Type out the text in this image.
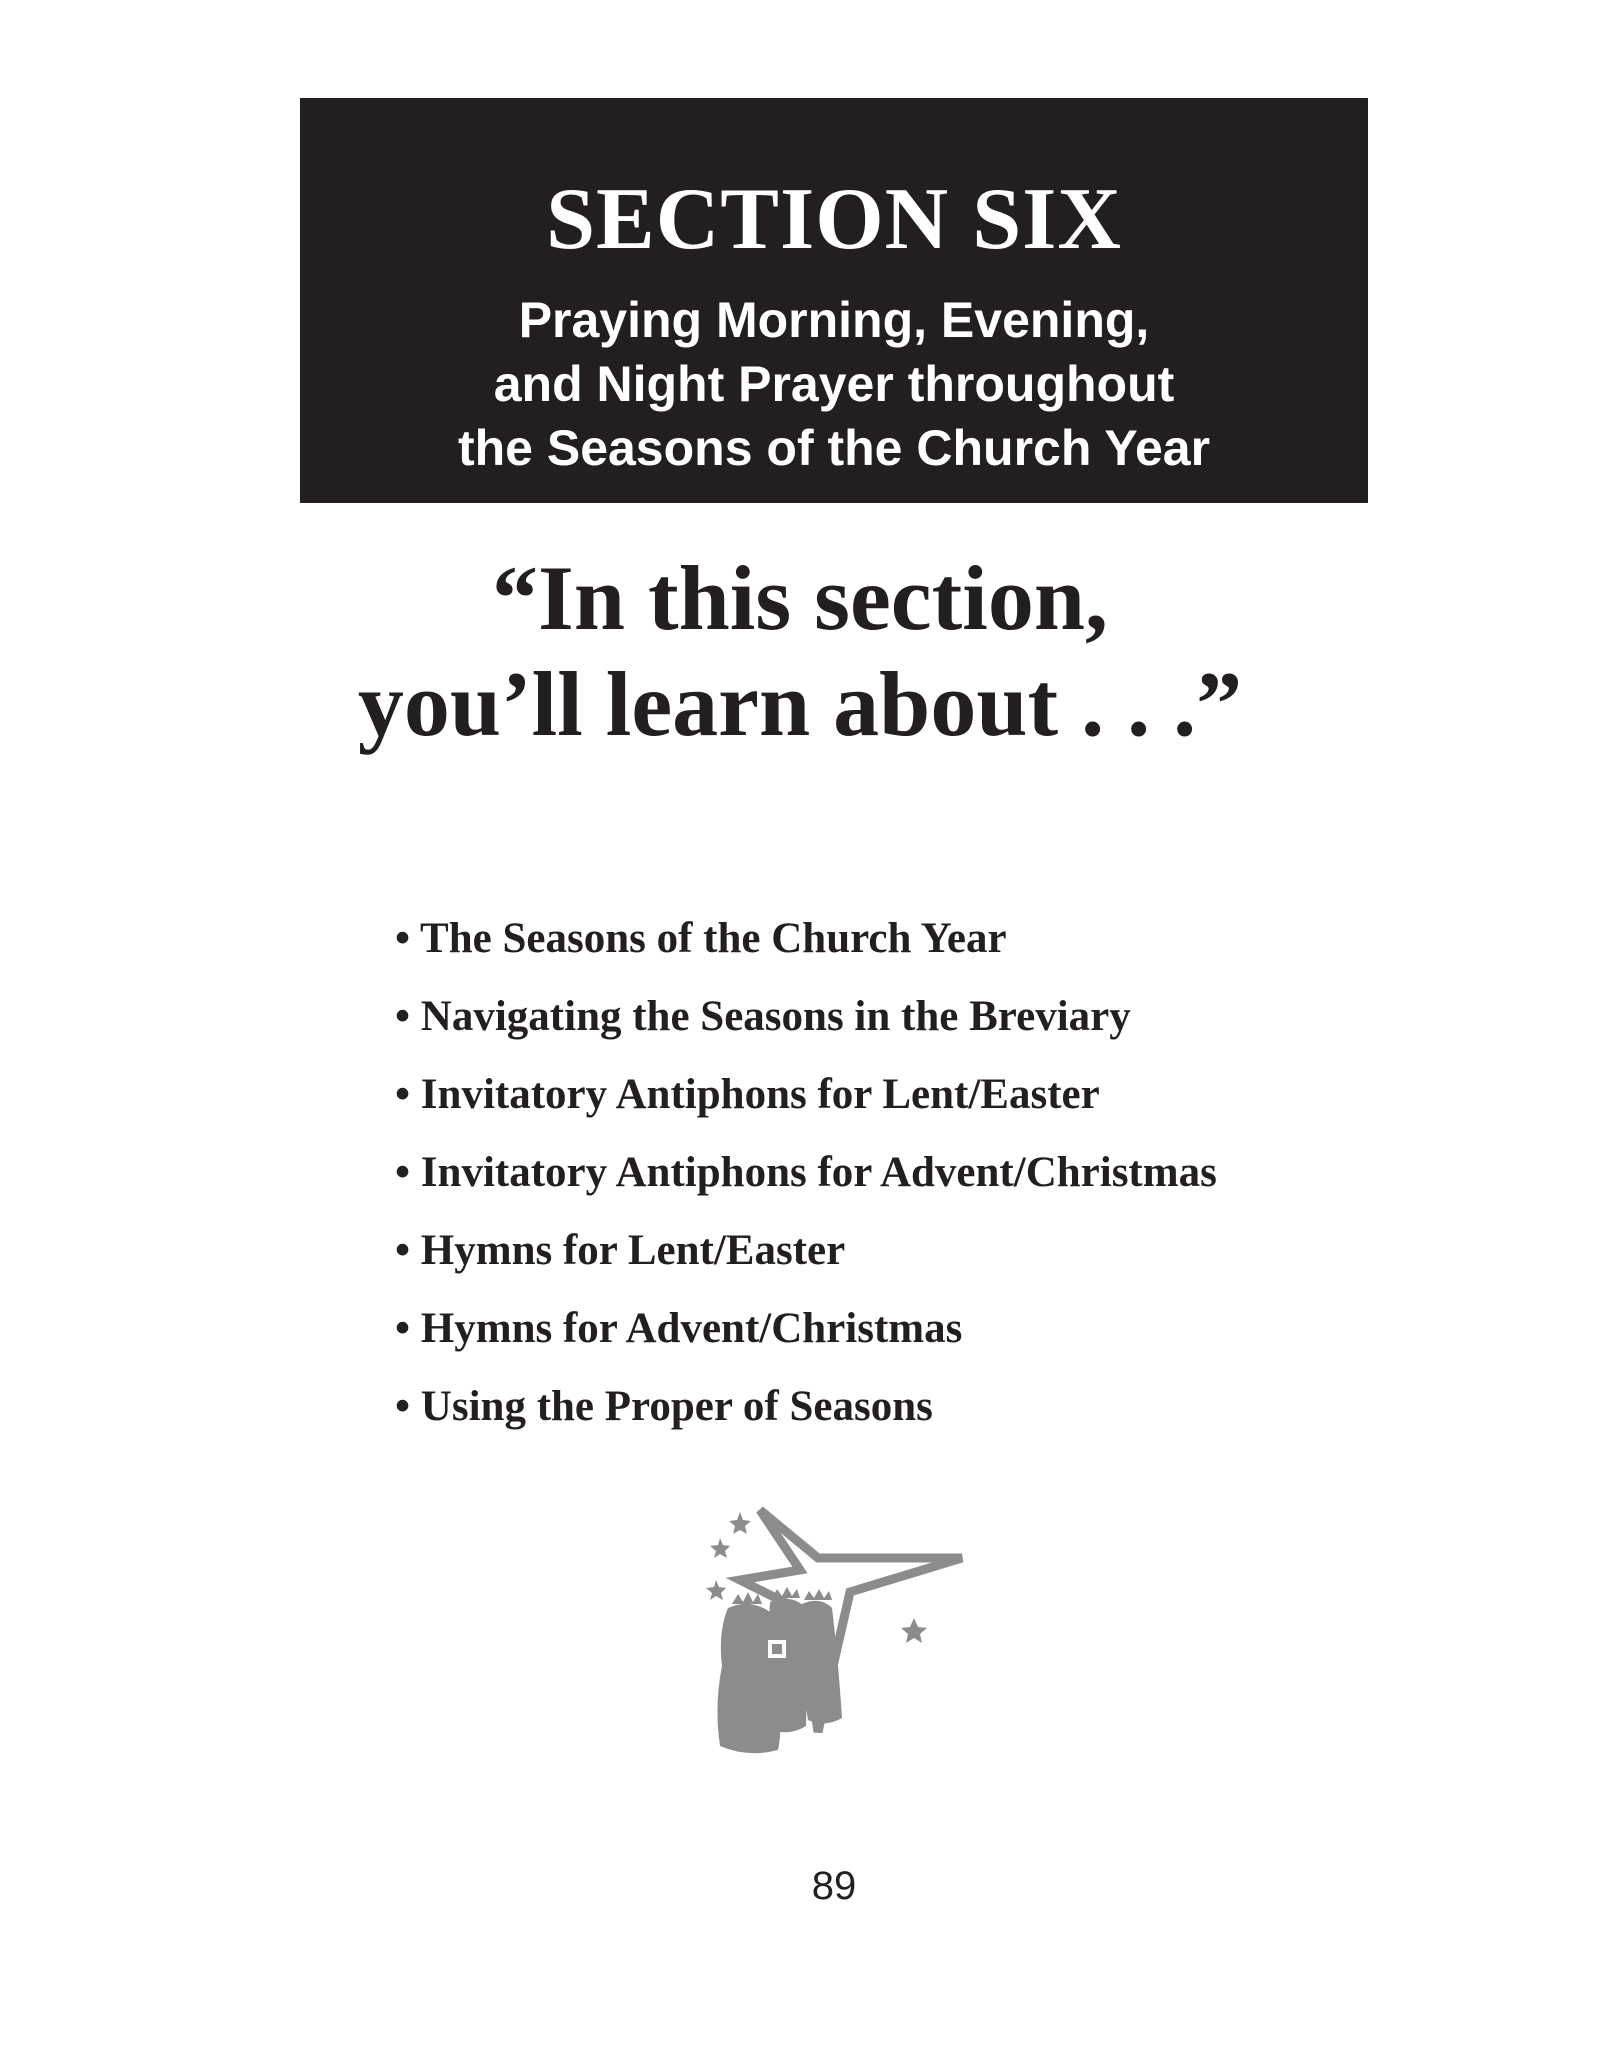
SECTION SIX
Praying Morning, Evening,
and Night Prayer throughout
the Seasons of the Church Year
“In this section,
you’ll learn about . . .”
• The Seasons of the Church Year
• Navigating the Seasons in the Breviary
• Invitatory Antiphons for Lent/Easter
• Invitatory Antiphons for Advent/Christmas
• Hymns for Lent/Easter
• Hymns for Advent/Christmas
• Using the Proper of Seasons
89
